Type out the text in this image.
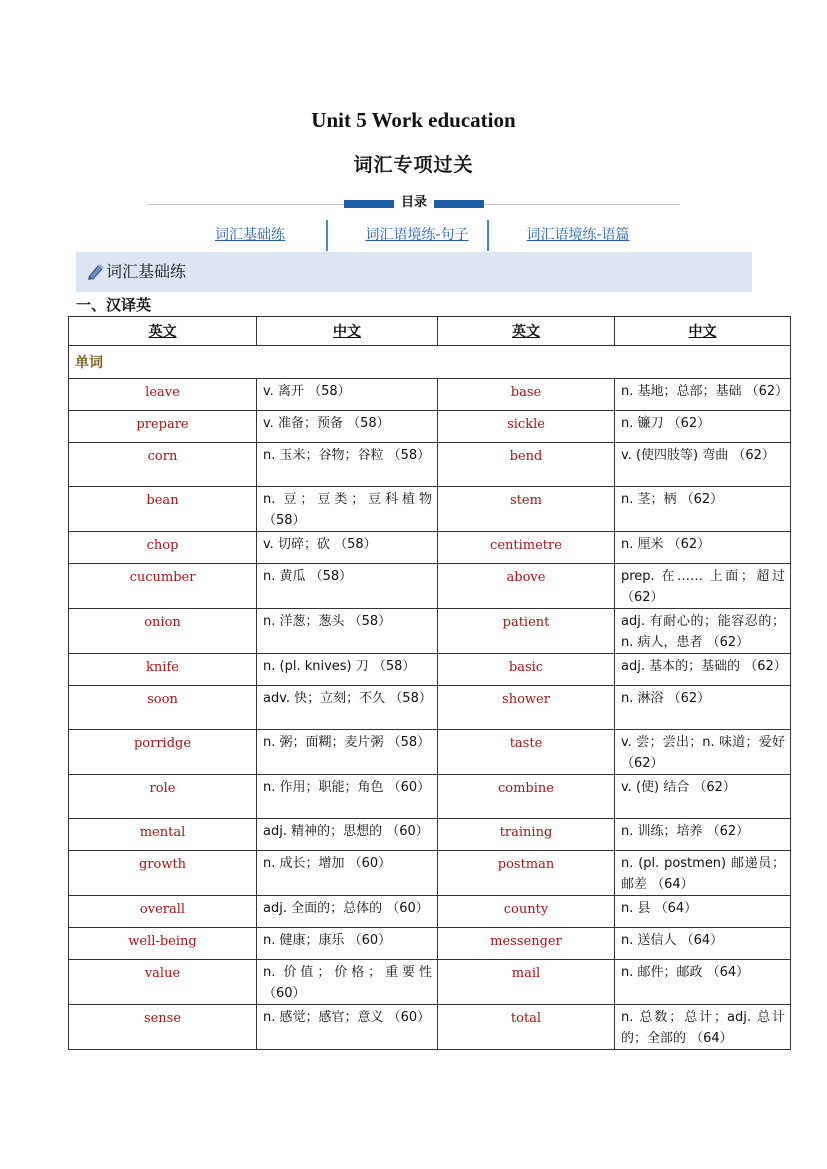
Unit 5 Work education
词汇专项过关
目录
词汇基础练	词汇语境练-句子	词汇语境练-语篇
词汇基础练
一、汉译英
英文	中文	英文	中文
单词			
leave	v. 离开 （58）	base	n. 基地；总部；基础 （62）
prepare	v. 准备；预备 （58）	sickle	n. 镰刀 （62）
corn	n. 玉米；谷物；谷粒 （58）	bend	v. (使四肢等) 弯曲 （62）
bean	n. 豆；豆类；豆科植物 （58）	stem	n. 茎；柄 （62）
chop	v. 切碎；砍 （58）	centimetre	n. 厘米 （62）
cucumber	n. 黄瓜 （58）	above	prep. 在…… 上面；超过 （62）
onion	n. 洋葱；葱头 （58）	patient	adj. 有耐心的；能容忍的；n. 病人，患者 （62）
knife	n. (pl. knives) 刀 （58）	basic	adj. 基本的；基础的 （62）
soon	adv. 快；立刻；不久 （58）	shower	n. 淋浴 （62）
porridge	n. 粥；面糊；麦片粥 （58）	taste	v. 尝；尝出；n. 味道；爱好 （62）
role	n. 作用；职能；角色 （60）	combine	v. (使) 结合 （62）
mental	adj. 精神的；思想的 （60）	training	n. 训练；培养 （62）
growth	n. 成长；增加 （60）	postman	n. (pl. postmen) 邮递员；邮差 （64）
overall	adj. 全面的；总体的 （60）	county	n. 县 （64）
well-being	n. 健康；康乐 （60）	messenger	n. 送信人 （64）
value	n. 价值；价格；重要性 （60）	mail	n. 邮件；邮政 （64）
sense	n. 感觉；感官；意义 （60）	total	n. 总数；总计；adj. 总计的；全部的 （64）
